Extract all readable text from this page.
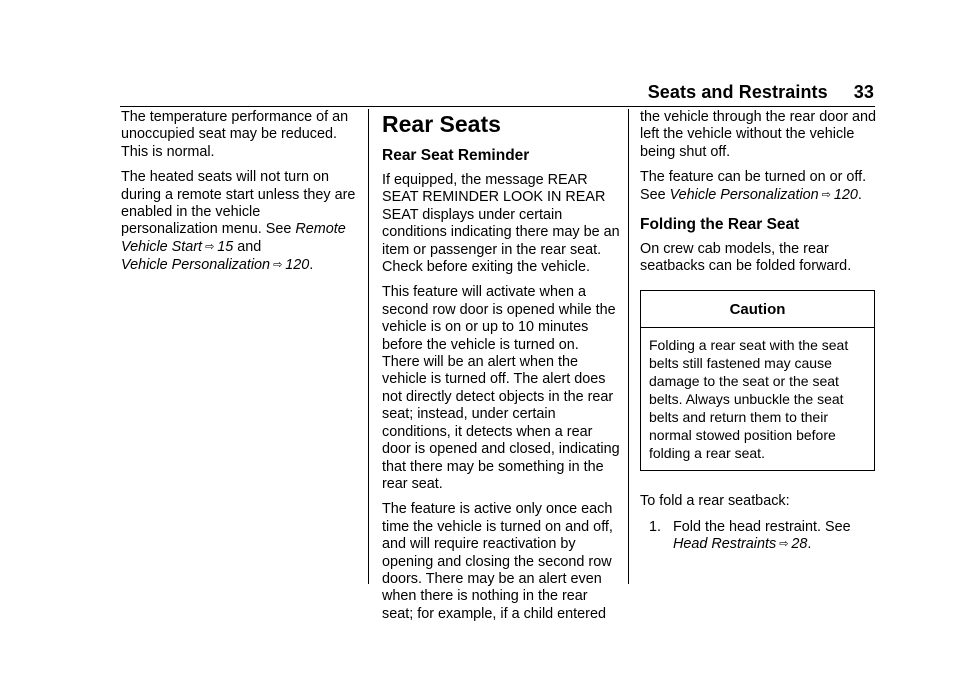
Seats and Restraints 33

The temperature performance of an unoccupied seat may be reduced. This is normal.

The heated seats will not turn on during a remote start unless they are enabled in the vehicle personalization menu. See Remote Vehicle Start ⇨ 15 and
Vehicle Personalization ⇨ 120.

Rear Seats
Rear Seat Reminder

If equipped, the message REAR SEAT REMINDER LOOK IN REAR SEAT displays under certain conditions indicating there may be an item or passenger in the rear seat. Check before exiting the vehicle.

This feature will activate when a second row door is opened while the vehicle is on or up to 10 minutes before the vehicle is turned on. There will be an alert when the vehicle is turned off. The alert does not directly detect objects in the rear seat; instead, under certain conditions, it detects when a rear door is opened and closed, indicating that there may be something in the rear seat.

The feature is active only once each time the vehicle is turned on and off, and will require reactivation by opening and closing the second row doors. There may be an alert even when there is nothing in the rear seat; for example, if a child entered

the vehicle through the rear door and left the vehicle without the vehicle being shut off.

The feature can be turned on or off. See Vehicle Personalization ⇨ 120.

Folding the Rear Seat

On crew cab models, the rear seatbacks can be folded forward.

Caution
Folding a rear seat with the seat belts still fastened may cause damage to the seat or the seat belts. Always unbuckle the seat belts and return them to their normal stowed position before folding a rear seat.

To fold a rear seatback:

1. Fold the head restraint. See
Head Restraints ⇨ 28.
